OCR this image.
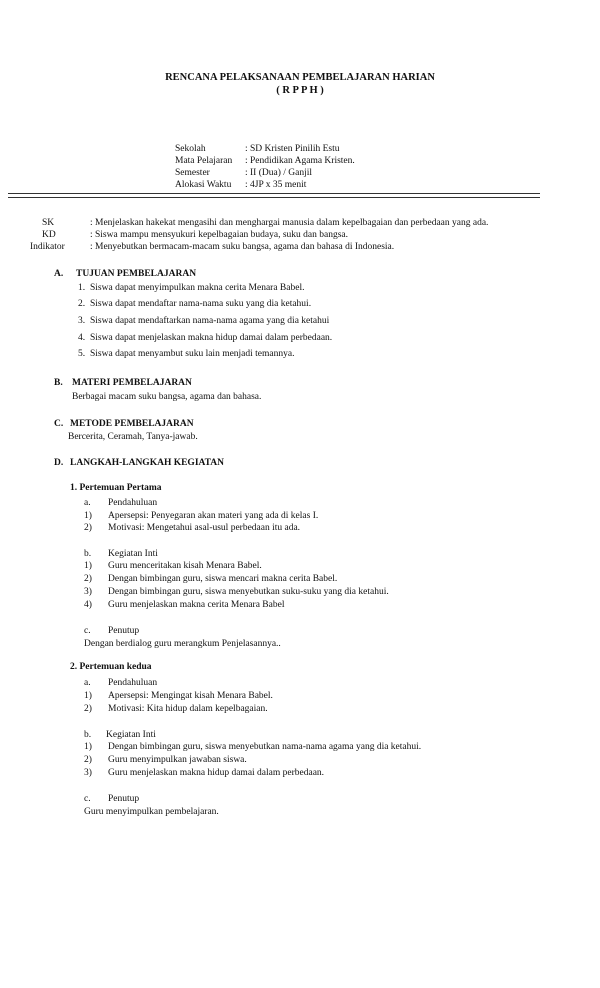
RENCANA PELAKSANAAN PEMBELAJARAN HARIAN
( R P P H )
Sekolah	: SD Kristen Pinilih Estu
Mata Pelajaran : Pendidikan Agama Kristen.
Semester	: II (Dua) / Ganjil
Alokasi Waktu : 4JP x 35 menit
SK	: Menjelaskan hakekat mengasihi dan menghargai manusia dalam kepelbagaian dan perbedaan yang ada.
KD	: Siswa mampu mensyukuri kepelbagaian budaya, suku dan bangsa.
Indikator	: Menyebutkan bermacam-macam suku bangsa, agama dan bahasa di Indonesia.
A. TUJUAN PEMBELAJARAN
1. Siswa dapat menyimpulkan makna cerita Menara Babel.
2. Siswa dapat mendaftar nama-nama suku yang dia ketahui.
3. Siswa dapat mendaftarkan nama-nama agama yang dia ketahui
4. Siswa dapat menjelaskan makna hidup damai dalam perbedaan.
5. Siswa dapat menyambut suku lain menjadi temannya.
B. MATERI PEMBELAJARAN
Berbagai macam suku bangsa, agama dan bahasa.
C. METODE PEMBELAJARAN
Bercerita, Ceramah, Tanya-jawab.
D. LANGKAH-LANGKAH KEGIATAN
1. Pertemuan Pertama
a. Pendahuluan
1) Apersepsi: Penyegaran akan materi yang ada di kelas I.
2) Motivasi: Mengetahui asal-usul perbedaan itu ada.
b. Kegiatan Inti
1) Guru menceritakan kisah Menara Babel.
2) Dengan bimbingan guru, siswa mencari makna cerita Babel.
3) Dengan bimbingan guru, siswa menyebutkan suku-suku yang dia ketahui.
4) Guru menjelaskan makna cerita Menara Babel
c. Penutup
Dengan berdialog guru merangkum Penjelasannya..
2. Pertemuan kedua
a. Pendahuluan
1) Apersepsi: Mengingat kisah Menara Babel.
2) Motivasi: Kita hidup dalam kepelbagaian.
b. Kegiatan Inti
1) Dengan bimbingan guru, siswa menyebutkan nama-nama agama yang dia ketahui.
2) Guru menyimpulkan jawaban siswa.
3) Guru menjelaskan makna hidup damai dalam perbedaan.
c. Penutup
Guru menyimpulkan pembelajaran.
